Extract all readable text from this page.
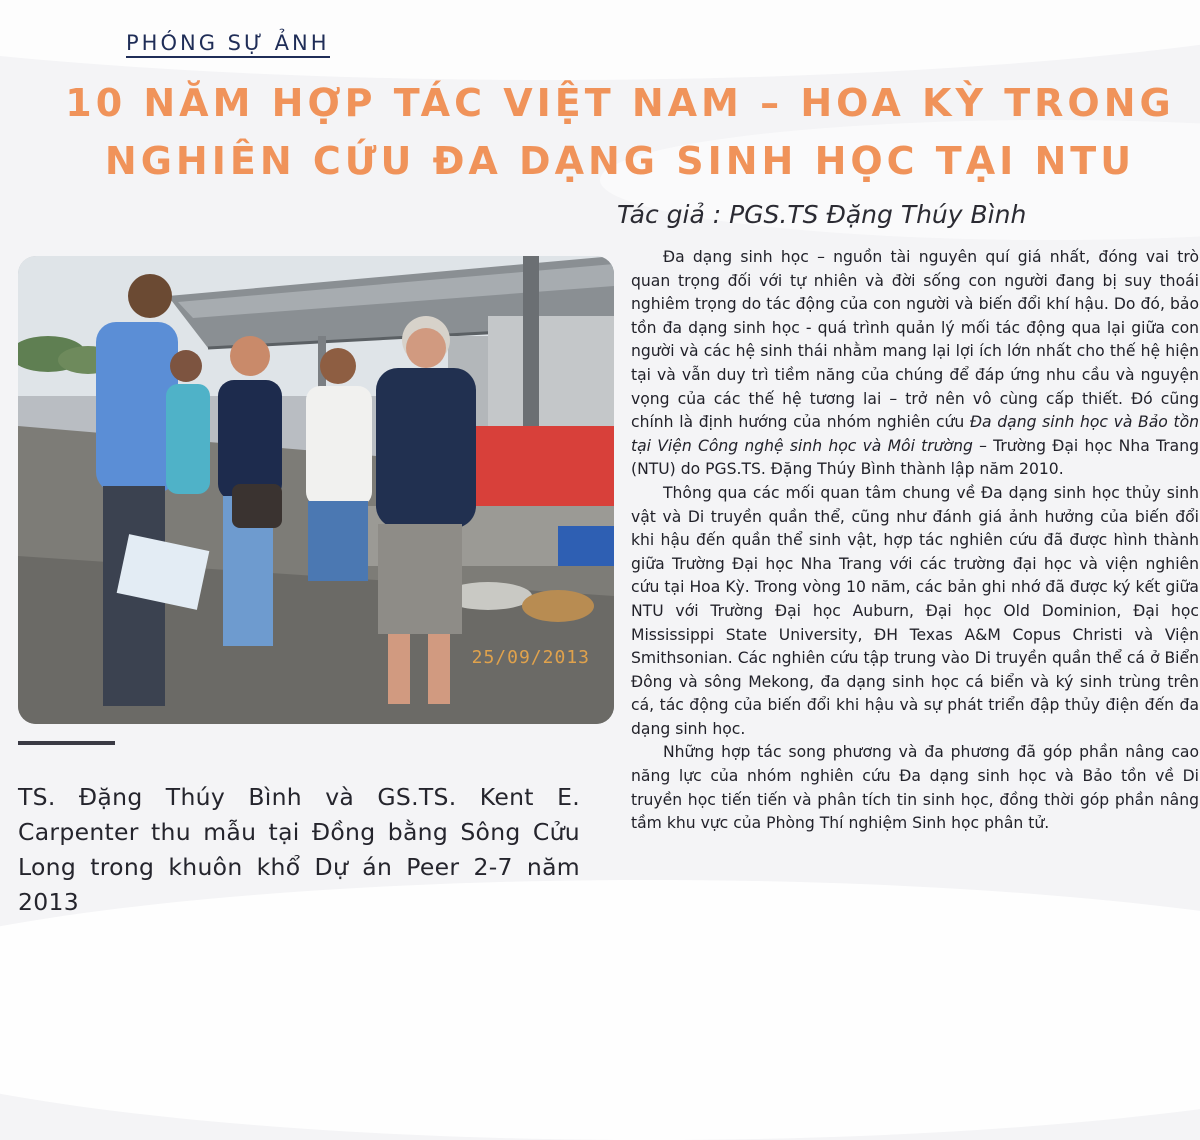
PHÓNG SỰ ẢNH
10 NĂM HỢP TÁC VIỆT NAM – HOA KỲ TRONG
NGHIÊN CỨU ĐA DẠNG SINH HỌC TẠI NTU
Tác giả : PGS.TS Đặng Thúy Bình
25/09/2013
TS. Đặng Thúy Bình và GS.TS. Kent E. Carpenter thu mẫu tại Đồng bằng Sông Cửu Long trong khuôn khổ Dự án Peer 2-7 năm 2013

Đa dạng sinh học – nguồn tài nguyên quí giá nhất, đóng vai trò quan trọng đối với tự nhiên và đời sống con người đang bị suy thoái nghiêm trọng do tác động của con người và biến đổi khí hậu. Do đó, bảo tồn đa dạng sinh học - quá trình quản lý mối tác động qua lại giữa con người và các hệ sinh thái nhằm mang lại lợi ích lớn nhất cho thế hệ hiện tại và vẫn duy trì tiềm năng của chúng để đáp ứng nhu cầu và nguyện vọng của các thế hệ tương lai – trở nên vô cùng cấp thiết. Đó cũng chính là định hướng của nhóm nghiên cứu Đa dạng sinh học và Bảo tồn tại Viện Công nghệ sinh học và Môi trường – Trường Đại học Nha Trang (NTU) do PGS.TS. Đặng Thúy Bình thành lập năm 2010.

Thông qua các mối quan tâm chung về Đa dạng sinh học thủy sinh vật và Di truyền quần thể, cũng như đánh giá ảnh hưởng của biến đổi khi hậu đến quần thể sinh vật, hợp tác nghiên cứu đã được hình thành giữa Trường Đại học Nha Trang với các trường đại học và viện nghiên cứu tại Hoa Kỳ. Trong vòng 10 năm, các bản ghi nhớ đã được ký kết giữa NTU với Trường Đại học Auburn, Đại học Old Dominion, Đại học Mississippi State University, ĐH Texas A&M Copus Christi và Viện Smithsonian. Các nghiên cứu tập trung vào Di truyền quần thể cá ở Biển Đông và sông Mekong, đa dạng sinh học cá biển và ký sinh trùng trên cá, tác động của biến đổi khi hậu và sự phát triển đập thủy điện đến đa dạng sinh học.

Những hợp tác song phương và đa phương đã góp phần nâng cao năng lực của nhóm nghiên cứu Đa dạng sinh học và Bảo tồn về Di truyền học tiến tiến và phân tích tin sinh học, đồng thời góp phần nâng tầm khu vực của Phòng Thí nghiệm Sinh học phân tử.
